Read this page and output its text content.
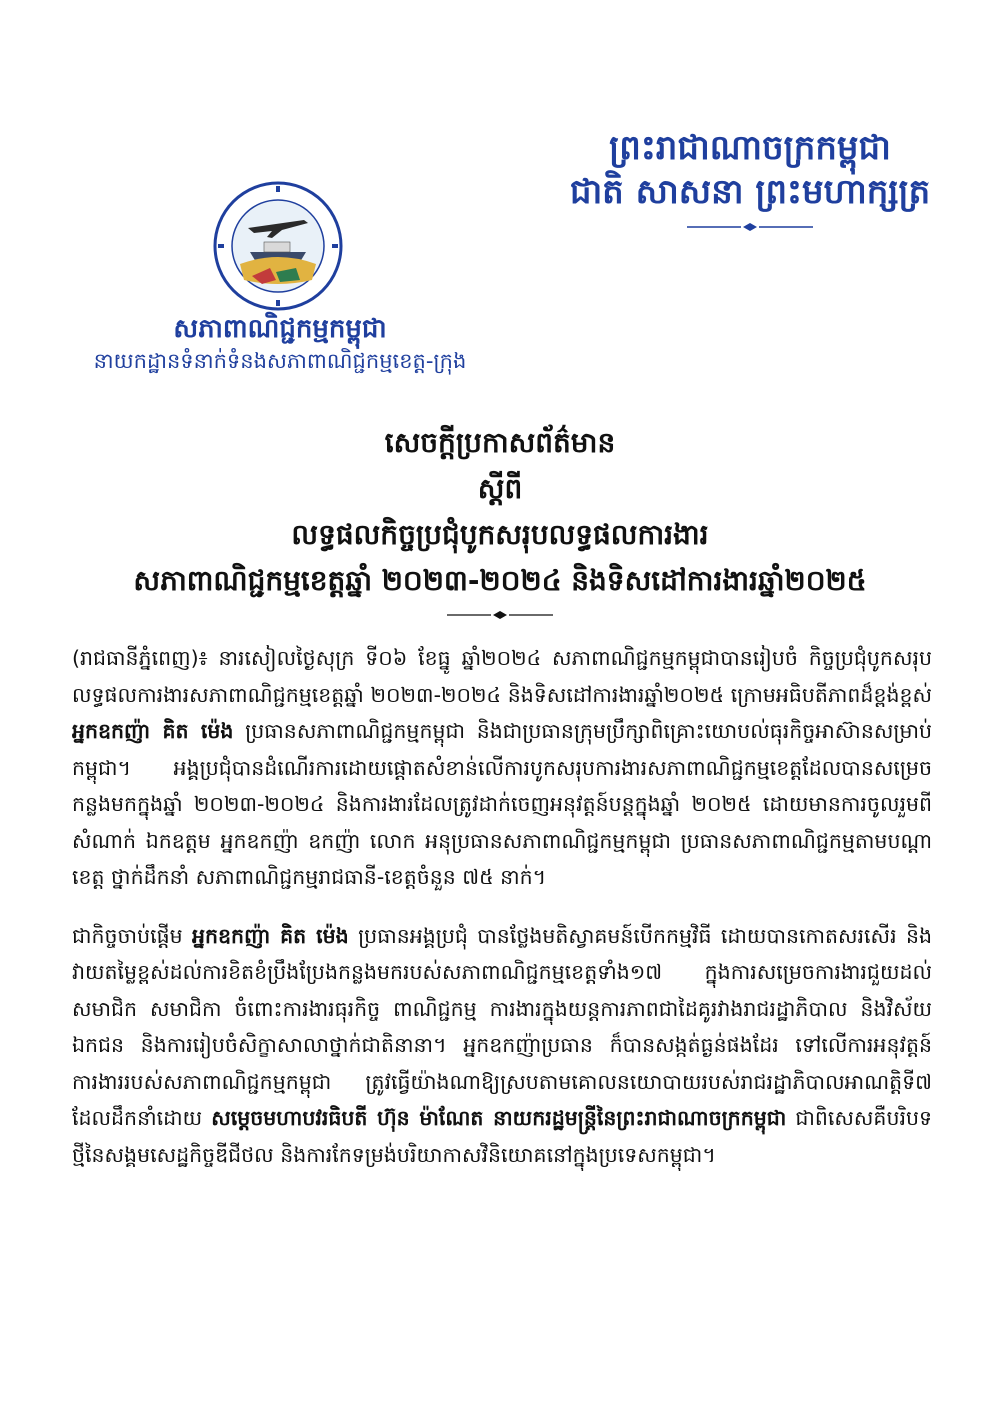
ព្រះរាជាណាចក្រកម្ពុជា
ជាតិ សាសនា ព្រះមហាក្សត្រ
សភាពាណិជ្ជកម្មកម្ពុជា
នាយកដ្ឋានទំនាក់ទំនងសភាពាណិជ្ជកម្មខេត្ត-ក្រុង
សេចក្តីប្រកាសព័ត៌មាន
ស្តីពី
លទ្ធផលកិច្ចប្រជុំបូកសរុបលទ្ធផលការងារ
សភាពាណិជ្ជកម្មខេត្តឆ្នាំ ២០២៣-២០២៤ និងទិសដៅការងារឆ្នាំ២០២៥

(រាជធានីភ្នំពេញ)៖ នារសៀលថ្ងៃសុក្រ ទី០៦ ខែធ្នូ ឆ្នាំ២០២៤ សភាពាណិជ្ជកម្មកម្ពុជាបានរៀបចំ កិច្ចប្រជុំបូកសរុបលទ្ធផលការងារសភាពាណិជ្ជកម្មខេត្តឆ្នាំ ២០២៣-២០២៤ និងទិសដៅការងារឆ្នាំ២០២៥ ក្រោមអធិបតីភាពដ៏ខ្ពង់ខ្ពស់ អ្នកឧកញ៉ា គិត ម៉េង ប្រធានសភាពាណិជ្ជកម្មកម្ពុជា និងជាប្រធានក្រុមប្រឹក្សាពិគ្រោះយោបល់ធុរកិច្ចអាស៊ានសម្រាប់កម្ពុជា។ អង្គប្រជុំបានដំណើរការដោយផ្តោតសំខាន់លើការបូកសរុបការងារសភាពាណិជ្ជកម្មខេត្តដែលបានសម្រេចកន្លងមកក្នុងឆ្នាំ ២០២៣-២០២៤ និងការងារដែលត្រូវដាក់ចេញអនុវត្តន៍បន្តក្នុងឆ្នាំ ២០២៥ ដោយមានការចូលរួមពីសំណាក់ ឯកឧត្តម អ្នកឧកញ៉ា ឧកញ៉ា លោក អនុប្រធានសភាពាណិជ្ជកម្មកម្ពុជា ប្រធានសភាពាណិជ្ជកម្មតាមបណ្តាខេត្ត ថ្នាក់ដឹកនាំ សភាពាណិជ្ជកម្មរាជធានី-ខេត្តចំនួន ៧៥ នាក់។

ជាកិច្ចចាប់ផ្តើម អ្នកឧកញ៉ា គិត ម៉េង ប្រធានអង្គប្រជុំ បានថ្លែងមតិស្វាគមន៍បើកកម្មវិធី ដោយបានកោតសរសើរ និងវាយតម្លៃខ្ពស់ដល់ការខិតខំប្រឹងប្រែងកន្លងមករបស់សភាពាណិជ្ជកម្មខេត្តទាំង១៧ ក្នុងការសម្រេចការងារជួយដល់សមាជិក សមាជិកា ចំពោះការងារធុរកិច្ច ពាណិជ្ជកម្ម ការងារក្នុងយន្តការភាពជាដៃគូរវាងរាជរដ្ឋាភិបាល និងវិស័យឯកជន និងការរៀបចំសិក្ខាសាលាថ្នាក់ជាតិនានា។ អ្នកឧកញ៉ាប្រធាន ក៏បានសង្កត់ធ្ងន់ផងដែរ ទៅលើការអនុវត្តន៍ការងាររបស់សភាពាណិជ្ជកម្មកម្ពុជា ត្រូវធ្វើយ៉ាងណាឱ្យស្របតាមគោលនយោបាយរបស់រាជរដ្ឋាភិបាលអាណត្តិទី៧ ដែលដឹកនាំដោយ សម្តេចមហាបវរធិបតី ហ៊ុន ម៉ាណែត នាយករដ្ឋមន្ត្រីនៃព្រះរាជាណាចក្រកម្ពុជា ជាពិសេសគឺបរិបទថ្មីនៃសង្គមសេដ្ឋកិច្ចឌីជីថល និងការកែទម្រង់បរិយាកាសវិនិយោគនៅក្នុងប្រទេសកម្ពុជា។
